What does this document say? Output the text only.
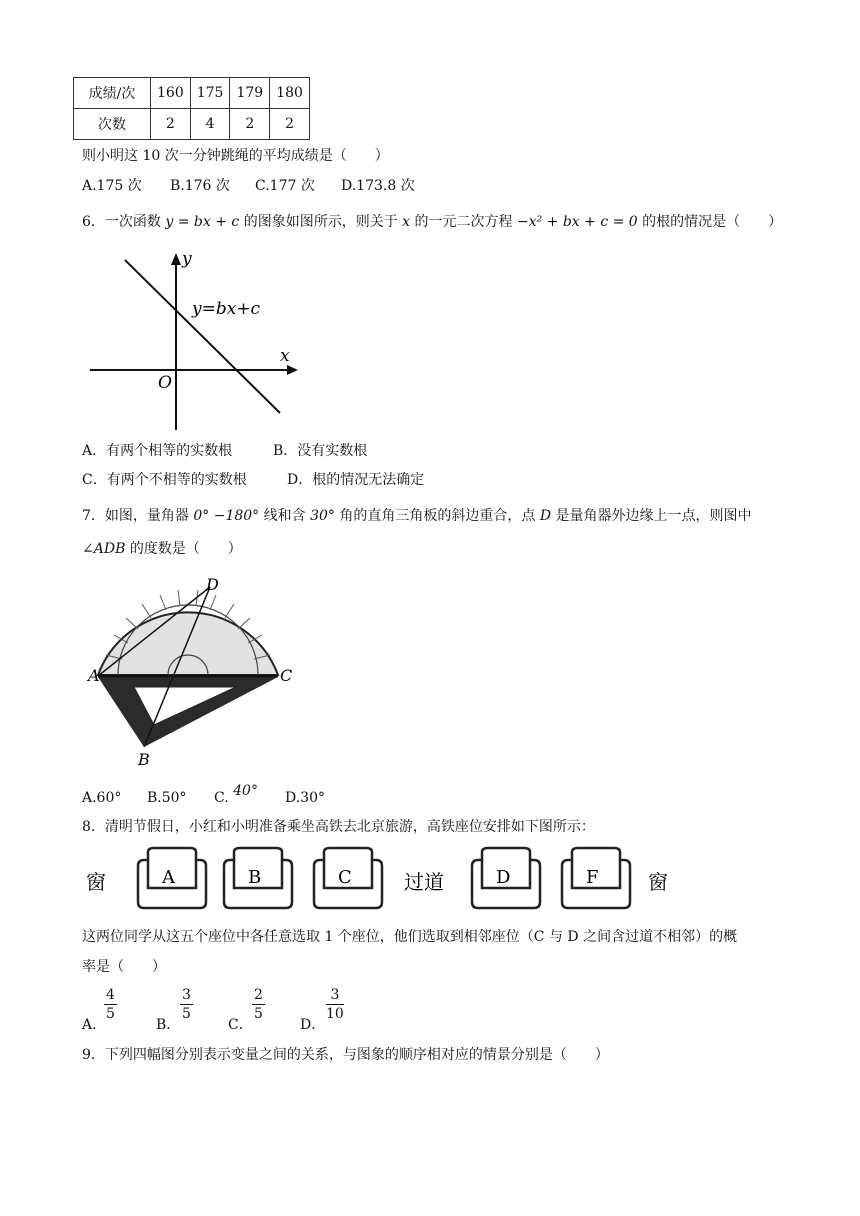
成绩/次	160	175	179	180
次数	2	4	2	2
则小明这 10 次一分钟跳绳的平均成绩是（　　）
A.175 次 B.176 次 C.177 次 D.173.8 次
6．一次函数 y = bx + c 的图象如图所示，则关于 x 的一元二次方程 −x² + bx + c = 0 的根的情况是（　　）
y
x
O
y=bx+c
A．有两个相等的实数根	B．没有实数根
C．有两个不相等的实数根	D．根的情况无法确定
7．如图，量角器 0° −180° 线和含 30° 角的直角三角板的斜边重合，点 D 是量角器外边缘上一点，则图中
∠ADB 的度数是（　　）
A	C
D
B
A.60° B.50° C. 40° D.30°
8．清明节假日，小红和小明准备乘坐高铁去北京旅游，高铁座位安排如下图所示：
窗	A	B	C	过道	D	F 窗
这两位同学从这五个座位中各任意选取 1 个座位，他们选取到相邻座位（C 与 D 之间含过道不相邻）的概
率是（　　）
A．
$\frac{4}{5}$
B．
$\frac{3}{5}$
C．
$\frac{2}{5}$
D．
$\frac{3}{10}$
9．下列四幅图分别表示变量之间的关系，与图象的顺序相对应的情景分别是（　　）
